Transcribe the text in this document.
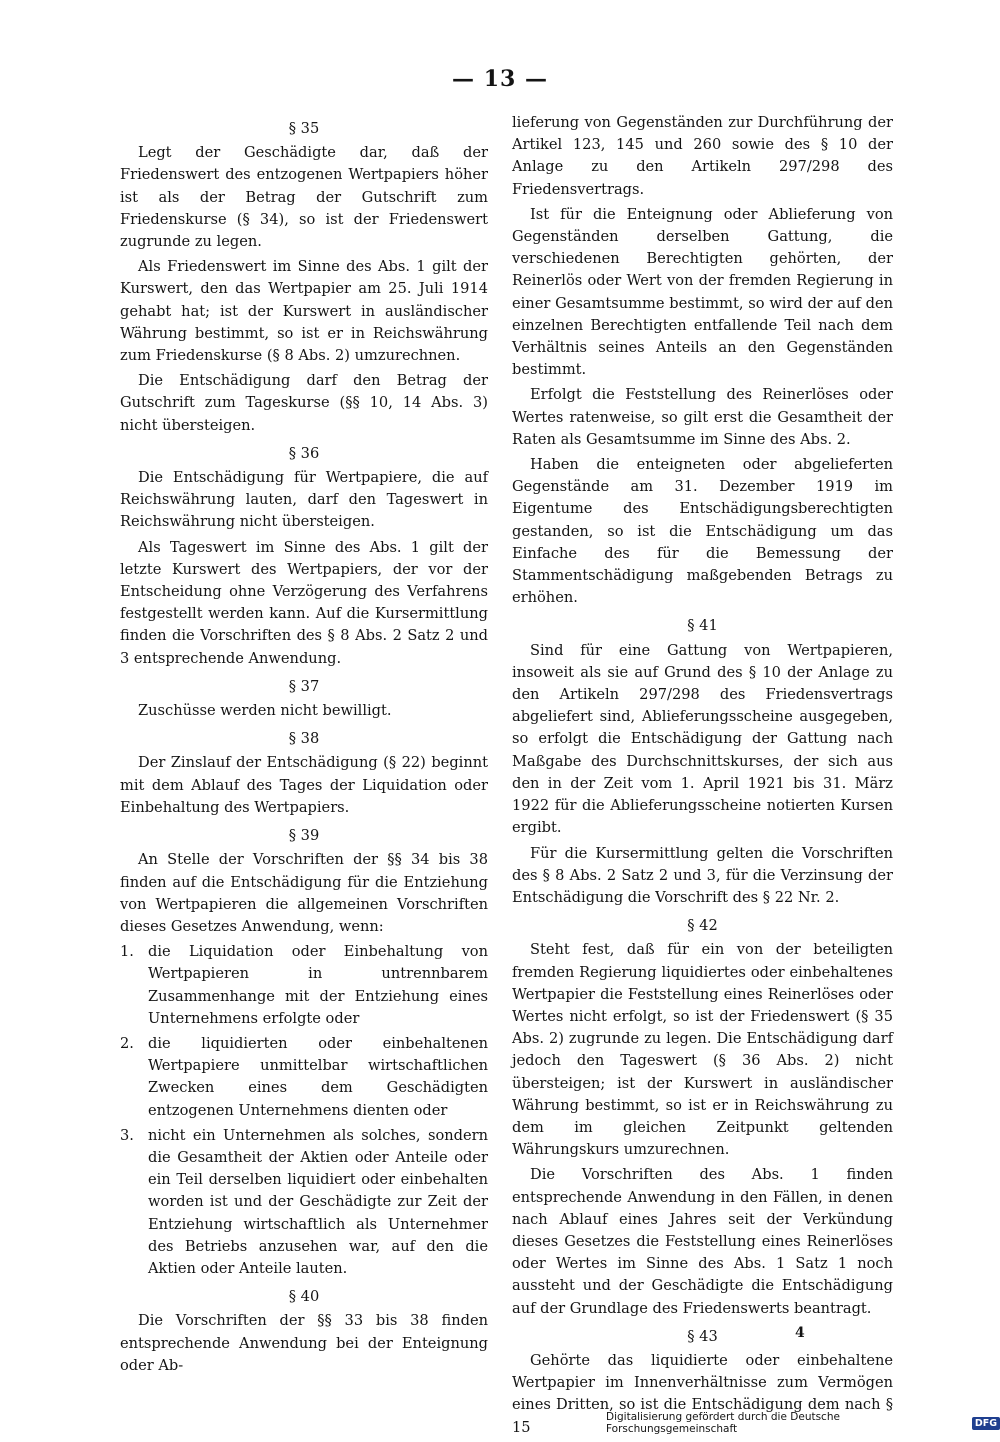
— 13 —
§ 35

Legt der Geschädigte dar, daß der Friedenswert des entzogenen Wertpapiers höher ist als der Betrag der Gutschrift zum Friedenskurse (§ 34), so ist der Friedenswert zugrunde zu legen.

Als Friedenswert im Sinne des Abs. 1 gilt der Kurswert, den das Wertpapier am 25. Juli 1914 gehabt hat; ist der Kurswert in ausländischer Währung bestimmt, so ist er in Reichswährung zum Friedenskurse (§ 8 Abs. 2) umzurechnen.

Die Entschädigung darf den Betrag der Gutschrift zum Tageskurse (§§ 10, 14 Abs. 3) nicht übersteigen.

§ 36

Die Entschädigung für Wertpapiere, die auf Reichswährung lauten, darf den Tageswert in Reichswährung nicht übersteigen.

Als Tageswert im Sinne des Abs. 1 gilt der letzte Kurswert des Wertpapiers, der vor der Entscheidung ohne Verzögerung des Verfahrens festgestellt werden kann. Auf die Kursermittlung finden die Vorschriften des § 8 Abs. 2 Satz 2 und 3 entsprechende Anwendung.

§ 37

Zuschüsse werden nicht bewilligt.

§ 38

Der Zinslauf der Entschädigung (§ 22) beginnt mit dem Ablauf des Tages der Liquidation oder Einbehaltung des Wertpapiers.

§ 39

An Stelle der Vorschriften der §§ 34 bis 38 finden auf die Entschädigung für die Entziehung von Wertpapieren die allgemeinen Vorschriften dieses Gesetzes Anwendung, wenn:

1. die Liquidation oder Einbehaltung von Wertpapieren in untrennbarem Zusammenhange mit der Entziehung eines Unternehmens erfolgte oder
2. die liquidierten oder einbehaltenen Wertpapiere unmittelbar wirtschaftlichen Zwecken eines dem Geschädigten entzogenen Unternehmens dienten oder
3. nicht ein Unternehmen als solches, sondern die Gesamtheit der Aktien oder Anteile oder ein Teil derselben liquidiert oder einbehalten worden ist und der Geschädigte zur Zeit der Entziehung wirtschaftlich als Unternehmer des Betriebs anzusehen war, auf den die Aktien oder Anteile lauten.
§ 40

Die Vorschriften der §§ 33 bis 38 finden entsprechende Anwendung bei der Enteignung oder Ab-

lieferung von Gegenständen zur Durchführung der Artikel 123, 145 und 260 sowie des § 10 der Anlage zu den Artikeln 297/298 des Friedensvertrags.

Ist für die Enteignung oder Ablieferung von Gegenständen derselben Gattung, die verschiedenen Berechtigten gehörten, der Reinerlös oder Wert von der fremden Regierung in einer Gesamtsumme bestimmt, so wird der auf den einzelnen Berechtigten entfallende Teil nach dem Verhältnis seines Anteils an den Gegenständen bestimmt.

Erfolgt die Feststellung des Reinerlöses oder Wertes ratenweise, so gilt erst die Gesamtheit der Raten als Gesamtsumme im Sinne des Abs. 2.

Haben die enteigneten oder abgelieferten Gegenstände am 31. Dezember 1919 im Eigentume des Entschädigungsberechtigten gestanden, so ist die Entschädigung um das Einfache des für die Bemessung der Stammentschädigung maßgebenden Betrags zu erhöhen.

§ 41

Sind für eine Gattung von Wertpapieren, insoweit als sie auf Grund des § 10 der Anlage zu den Artikeln 297/298 des Friedensvertrags abgeliefert sind, Ablieferungsscheine ausgegeben, so erfolgt die Entschädigung der Gattung nach Maßgabe des Durchschnittskurses, der sich aus den in der Zeit vom 1. April 1921 bis 31. März 1922 für die Ablieferungsscheine notierten Kursen ergibt.

Für die Kursermittlung gelten die Vorschriften des § 8 Abs. 2 Satz 2 und 3, für die Verzinsung der Entschädigung die Vorschrift des § 22 Nr. 2.

§ 42

Steht fest, daß für ein von der beteiligten fremden Regierung liquidiertes oder einbehaltenes Wertpapier die Feststellung eines Reinerlöses oder Wertes nicht erfolgt, so ist der Friedenswert (§ 35 Abs. 2) zugrunde zu legen. Die Entschädigung darf jedoch den Tageswert (§ 36 Abs. 2) nicht übersteigen; ist der Kurswert in ausländischer Währung bestimmt, so ist er in Reichswährung zu dem im gleichen Zeitpunkt geltenden Währungskurs umzurechnen.

Die Vorschriften des Abs. 1 finden entsprechende Anwendung in den Fällen, in denen nach Ablauf eines Jahres seit der Verkündung dieses Gesetzes die Feststellung eines Reinerlöses oder Wertes im Sinne des Abs. 1 Satz 1 noch aussteht und der Geschädigte die Entschädigung auf der Grundlage des Friedenswerts beantragt.

§ 43

Gehörte das liquidierte oder einbehaltene Wertpapier im Innenverhältnisse zum Vermögen eines Dritten, so ist die Entschädigung dem nach § 15

4
Digitalisierung gefördert durch die Deutsche Forschungsgemeinschaft	DFG
